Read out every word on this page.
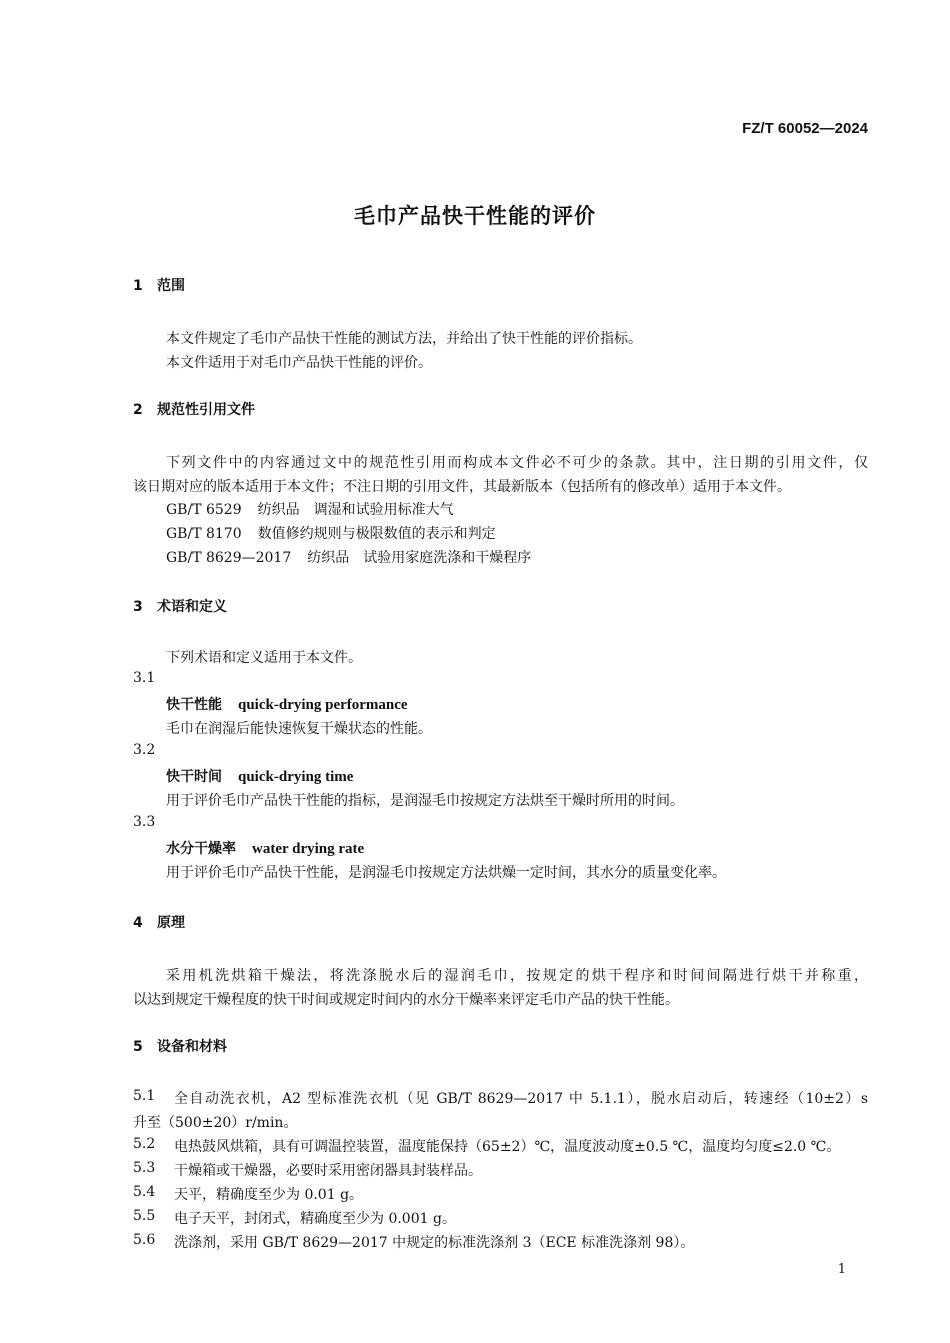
FZ/T 60052—2024
毛巾产品快干性能的评价
1 范围
本文件规定了毛巾产品快干性能的测试方法，并给出了快干性能的评价指标。
本文件适用于对毛巾产品快干性能的评价。
2 规范性引用文件
下列文件中的内容通过文中的规范性引用而构成本文件必不可少的条款。其中，注日期的引用文件，仅
该日期对应的版本适用于本文件；不注日期的引用文件，其最新版本（包括所有的修改单）适用于本文件。
GB/T 6529 纺织品　调湿和试验用标准大气
GB/T 8170 数值修约规则与极限数值的表示和判定
GB/T 8629—2017 纺织品　试验用家庭洗涤和干燥程序
3 术语和定义
下列术语和定义适用于本文件。
3.1
快干性能 quick-drying performance
毛巾在润湿后能快速恢复干燥状态的性能。
3.2
快干时间 quick-drying time
用于评价毛巾产品快干性能的指标，是润湿毛巾按规定方法烘至干燥时所用的时间。
3.3
水分干燥率 water drying rate
用于评价毛巾产品快干性能，是润湿毛巾按规定方法烘燥一定时间，其水分的质量变化率。
4 原理
采用机洗烘箱干燥法，将洗涤脱水后的湿润毛巾，按规定的烘干程序和时间间隔进行烘干并称重，
以达到规定干燥程度的快干时间或规定时间内的水分干燥率来评定毛巾产品的快干性能。
5 设备和材料
5.1 全自动洗衣机，A2 型标准洗衣机（见 GB/T 8629—2017 中 5.1.1），脱水启动后，转速经（10±2）s
升至（500±20）r/min。
5.2 电热鼓风烘箱，具有可调温控装置，温度能保持（65±2）℃，温度波动度±0.5 ℃，温度均匀度≤2.0 ℃。
5.3 干燥箱或干燥器，必要时采用密闭器具封装样品。
5.4 天平，精确度至少为 0.01 g。
5.5 电子天平，封闭式，精确度至少为 0.001 g。
5.6 洗涤剂，采用 GB/T 8629—2017 中规定的标准洗涤剂 3（ECE 标准洗涤剂 98）。
1
